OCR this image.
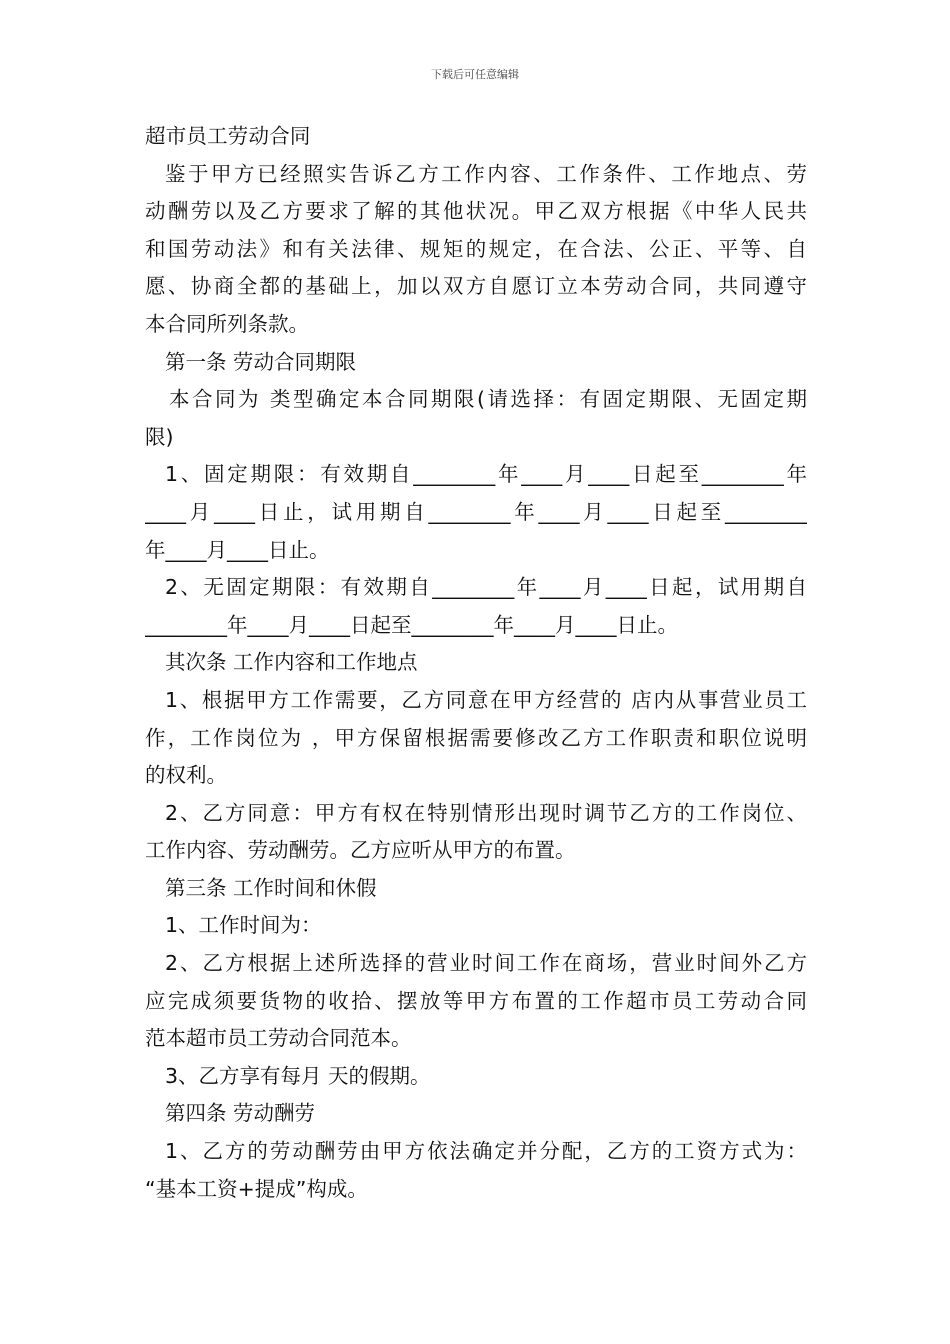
下载后可任意编辑
超市员工劳动合同
鉴于甲方已经照实告诉乙方工作内容、工作条件、工作地点、劳
动酬劳以及乙方要求了解的其他状况。甲乙双方根据《中华人民共
和国劳动法》和有关法律、规矩的规定，在合法、公正、平等、自
愿、协商全都的基础上，加以双方自愿订立本劳动合同，共同遵守
本合同所列条款。
第一条 劳动合同期限
本合同为 类型确定本合同期限(请选择：有固定期限、无固定期
限)
1、固定期限：有效期自________年____月____日起至________年
____月____日止，试用期自________年____月____日起至________
年____月____日止。
2、无固定期限：有效期自________年____月____日起，试用期自
________年____月____日起至________年____月____日止。
其次条 工作内容和工作地点
1、根据甲方工作需要，乙方同意在甲方经营的 店内从事营业员工
作，工作岗位为 ，甲方保留根据需要修改乙方工作职责和职位说明
的权利。
2、乙方同意：甲方有权在特别情形出现时调节乙方的工作岗位、
工作内容、劳动酬劳。乙方应听从甲方的布置。
第三条 工作时间和休假
1、工作时间为：
2、乙方根据上述所选择的营业时间工作在商场，营业时间外乙方
应完成须要货物的收拾、摆放等甲方布置的工作超市员工劳动合同
范本超市员工劳动合同范本。
3、乙方享有每月 天的假期。
第四条 劳动酬劳
1、乙方的劳动酬劳由甲方依法确定并分配，乙方的工资方式为：
“基本工资+提成”构成。
